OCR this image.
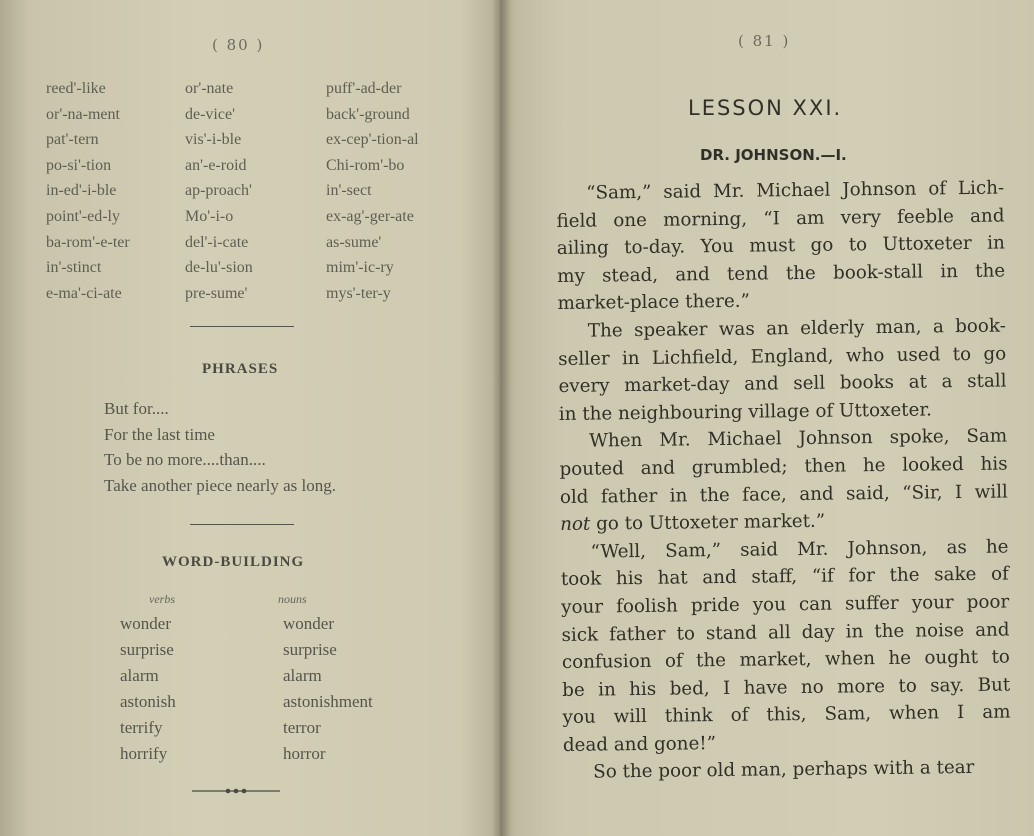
( 80 )
reed'-like
or'-na-ment
pat'-tern
po-si'-tion
in-ed'-i-ble
point'-ed-ly
ba-rom'-e-ter
in'-stinct
e-ma'-ci-ate
or'-nate
de-vice'
vis'-i-ble
an'-e-roid
ap-proach'
Mo'-i-o
del'-i-cate
de-lu'-sion
pre-sume'
puff'-ad-der
back'-ground
ex-cep'-tion-al
Chi-rom'-bo
in'-sect
ex-ag'-ger-ate
as-sume'
mim'-ic-ry
mys'-ter-y
PHRASES
But for....
For the last time
To be no more....than....
Take another piece nearly as long.
WORD-BUILDING
verbs	nouns
wonder
surprise
alarm
astonish
terrify
horrify
wonder
surprise
alarm
astonishment
terror
horror
( 81 )
LESSON XXI.
DR. JOHNSON.—I.
“Sam,” said Mr. Michael Johnson of Lich-
field one morning, “I am very feeble and
ailing to-day. You must go to Uttoxeter in
my stead, and tend the book-stall in the
market-place there.”
The speaker was an elderly man, a book-
seller in Lichfield, England, who used to go
every market-day and sell books at a stall
in the neighbouring village of Uttoxeter.
When Mr. Michael Johnson spoke, Sam
pouted and grumbled; then he looked his
old father in the face, and said, “Sir, I will
not go to Uttoxeter market.”
“Well, Sam,” said Mr. Johnson, as he
took his hat and staff, “if for the sake of
your foolish pride you can suffer your poor
sick father to stand all day in the noise and
confusion of the market, when he ought to
be in his bed, I have no more to say. But
you will think of this, Sam, when I am
dead and gone!”
So the poor old man, perhaps with a tear
